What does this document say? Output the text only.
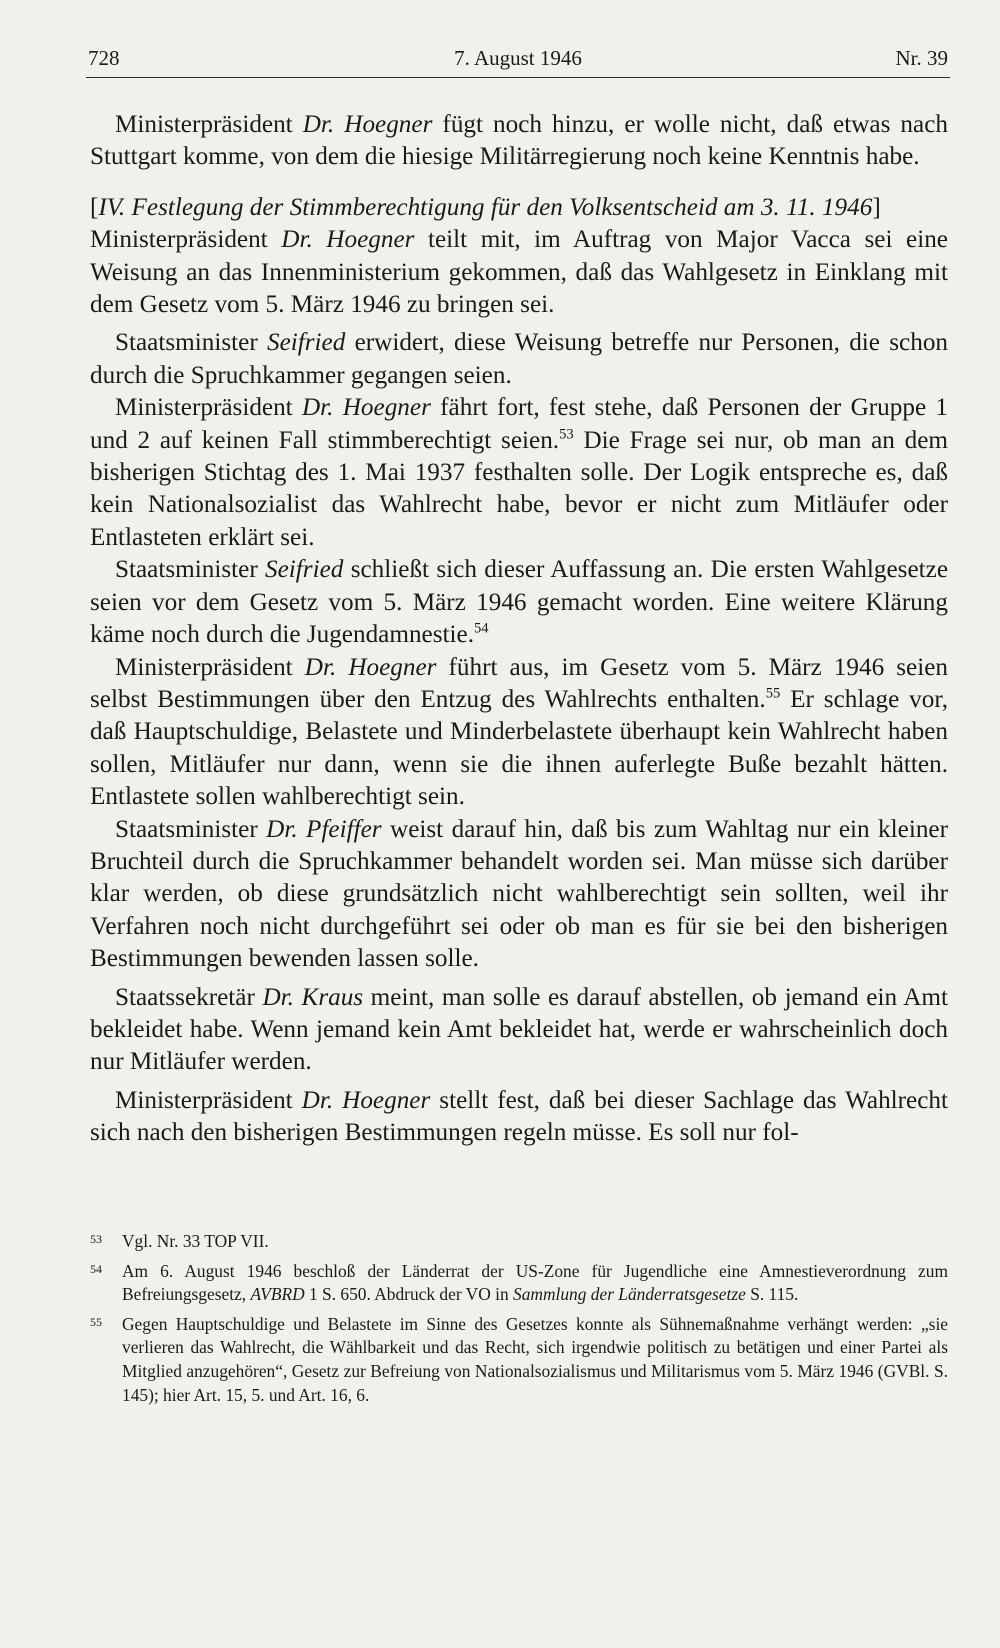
728	7. August 1946	Nr. 39

Ministerpräsident Dr. Hoegner fügt noch hinzu, er wolle nicht, daß etwas nach Stuttgart komme, von dem die hiesige Militärregierung noch keine Kenntnis habe.

[IV. Festlegung der Stimmberechtigung für den Volksentscheid am 3. 11. 1946]

Ministerpräsident Dr. Hoegner teilt mit, im Auftrag von Major Vacca sei eine Weisung an das Innenministerium gekommen, daß das Wahlgesetz in Einklang mit dem Gesetz vom 5. März 1946 zu bringen sei.

Staatsminister Seifried erwidert, diese Weisung betreffe nur Personen, die schon durch die Spruchkammer gegangen seien.

Ministerpräsident Dr. Hoegner fährt fort, fest stehe, daß Personen der Gruppe 1 und 2 auf keinen Fall stimmberechtigt seien.$^{53}$ Die Frage sei nur, ob man an dem bisherigen Stichtag des 1. Mai 1937 festhalten solle. Der Logik entspreche es, daß kein Nationalsozialist das Wahlrecht habe, bevor er nicht zum Mitläufer oder Entlasteten erklärt sei.

Staatsminister Seifried schließt sich dieser Auffassung an. Die ersten Wahlgesetze seien vor dem Gesetz vom 5. März 1946 gemacht worden. Eine weitere Klärung käme noch durch die Jugendamnestie.$^{54}$

Ministerpräsident Dr. Hoegner führt aus, im Gesetz vom 5. März 1946 seien selbst Bestimmungen über den Entzug des Wahlrechts enthalten.$^{55}$ Er schlage vor, daß Hauptschuldige, Belastete und Minderbelastete überhaupt kein Wahlrecht haben sollen, Mitläufer nur dann, wenn sie die ihnen auferlegte Buße bezahlt hätten. Entlastete sollen wahlberechtigt sein.

Staatsminister Dr. Pfeiffer weist darauf hin, daß bis zum Wahltag nur ein kleiner Bruchteil durch die Spruchkammer behandelt worden sei. Man müsse sich darüber klar werden, ob diese grundsätzlich nicht wahlberechtigt sein sollten, weil ihr Verfahren noch nicht durchgeführt sei oder ob man es für sie bei den bisherigen Bestimmungen bewenden lassen solle.

Staatssekretär Dr. Kraus meint, man solle es darauf abstellen, ob jemand ein Amt bekleidet habe. Wenn jemand kein Amt bekleidet hat, werde er wahrscheinlich doch nur Mitläufer werden.

Ministerpräsident Dr. Hoegner stellt fest, daß bei dieser Sachlage das Wahlrecht sich nach den bisherigen Bestimmungen regeln müsse. Es soll nur fol-

53	Vgl. Nr. 33 TOP VII.
54	Am 6. August 1946 beschloß der Länderrat der US-Zone für Jugendliche eine Amnestieverordnung zum Befreiungsgesetz, AVBRD 1 S. 650. Abdruck der VO in Sammlung der Länderratsgesetze S. 115.
55	Gegen Hauptschuldige und Belastete im Sinne des Gesetzes konnte als Sühnemaßnahme verhängt werden: „sie verlieren das Wahlrecht, die Wählbarkeit und das Recht, sich irgendwie politisch zu betätigen und einer Partei als Mitglied anzugehören“, Gesetz zur Befreiung von Nationalsozialismus und Militarismus vom 5. März 1946 (GVBl. S. 145); hier Art. 15, 5. und Art. 16, 6.
